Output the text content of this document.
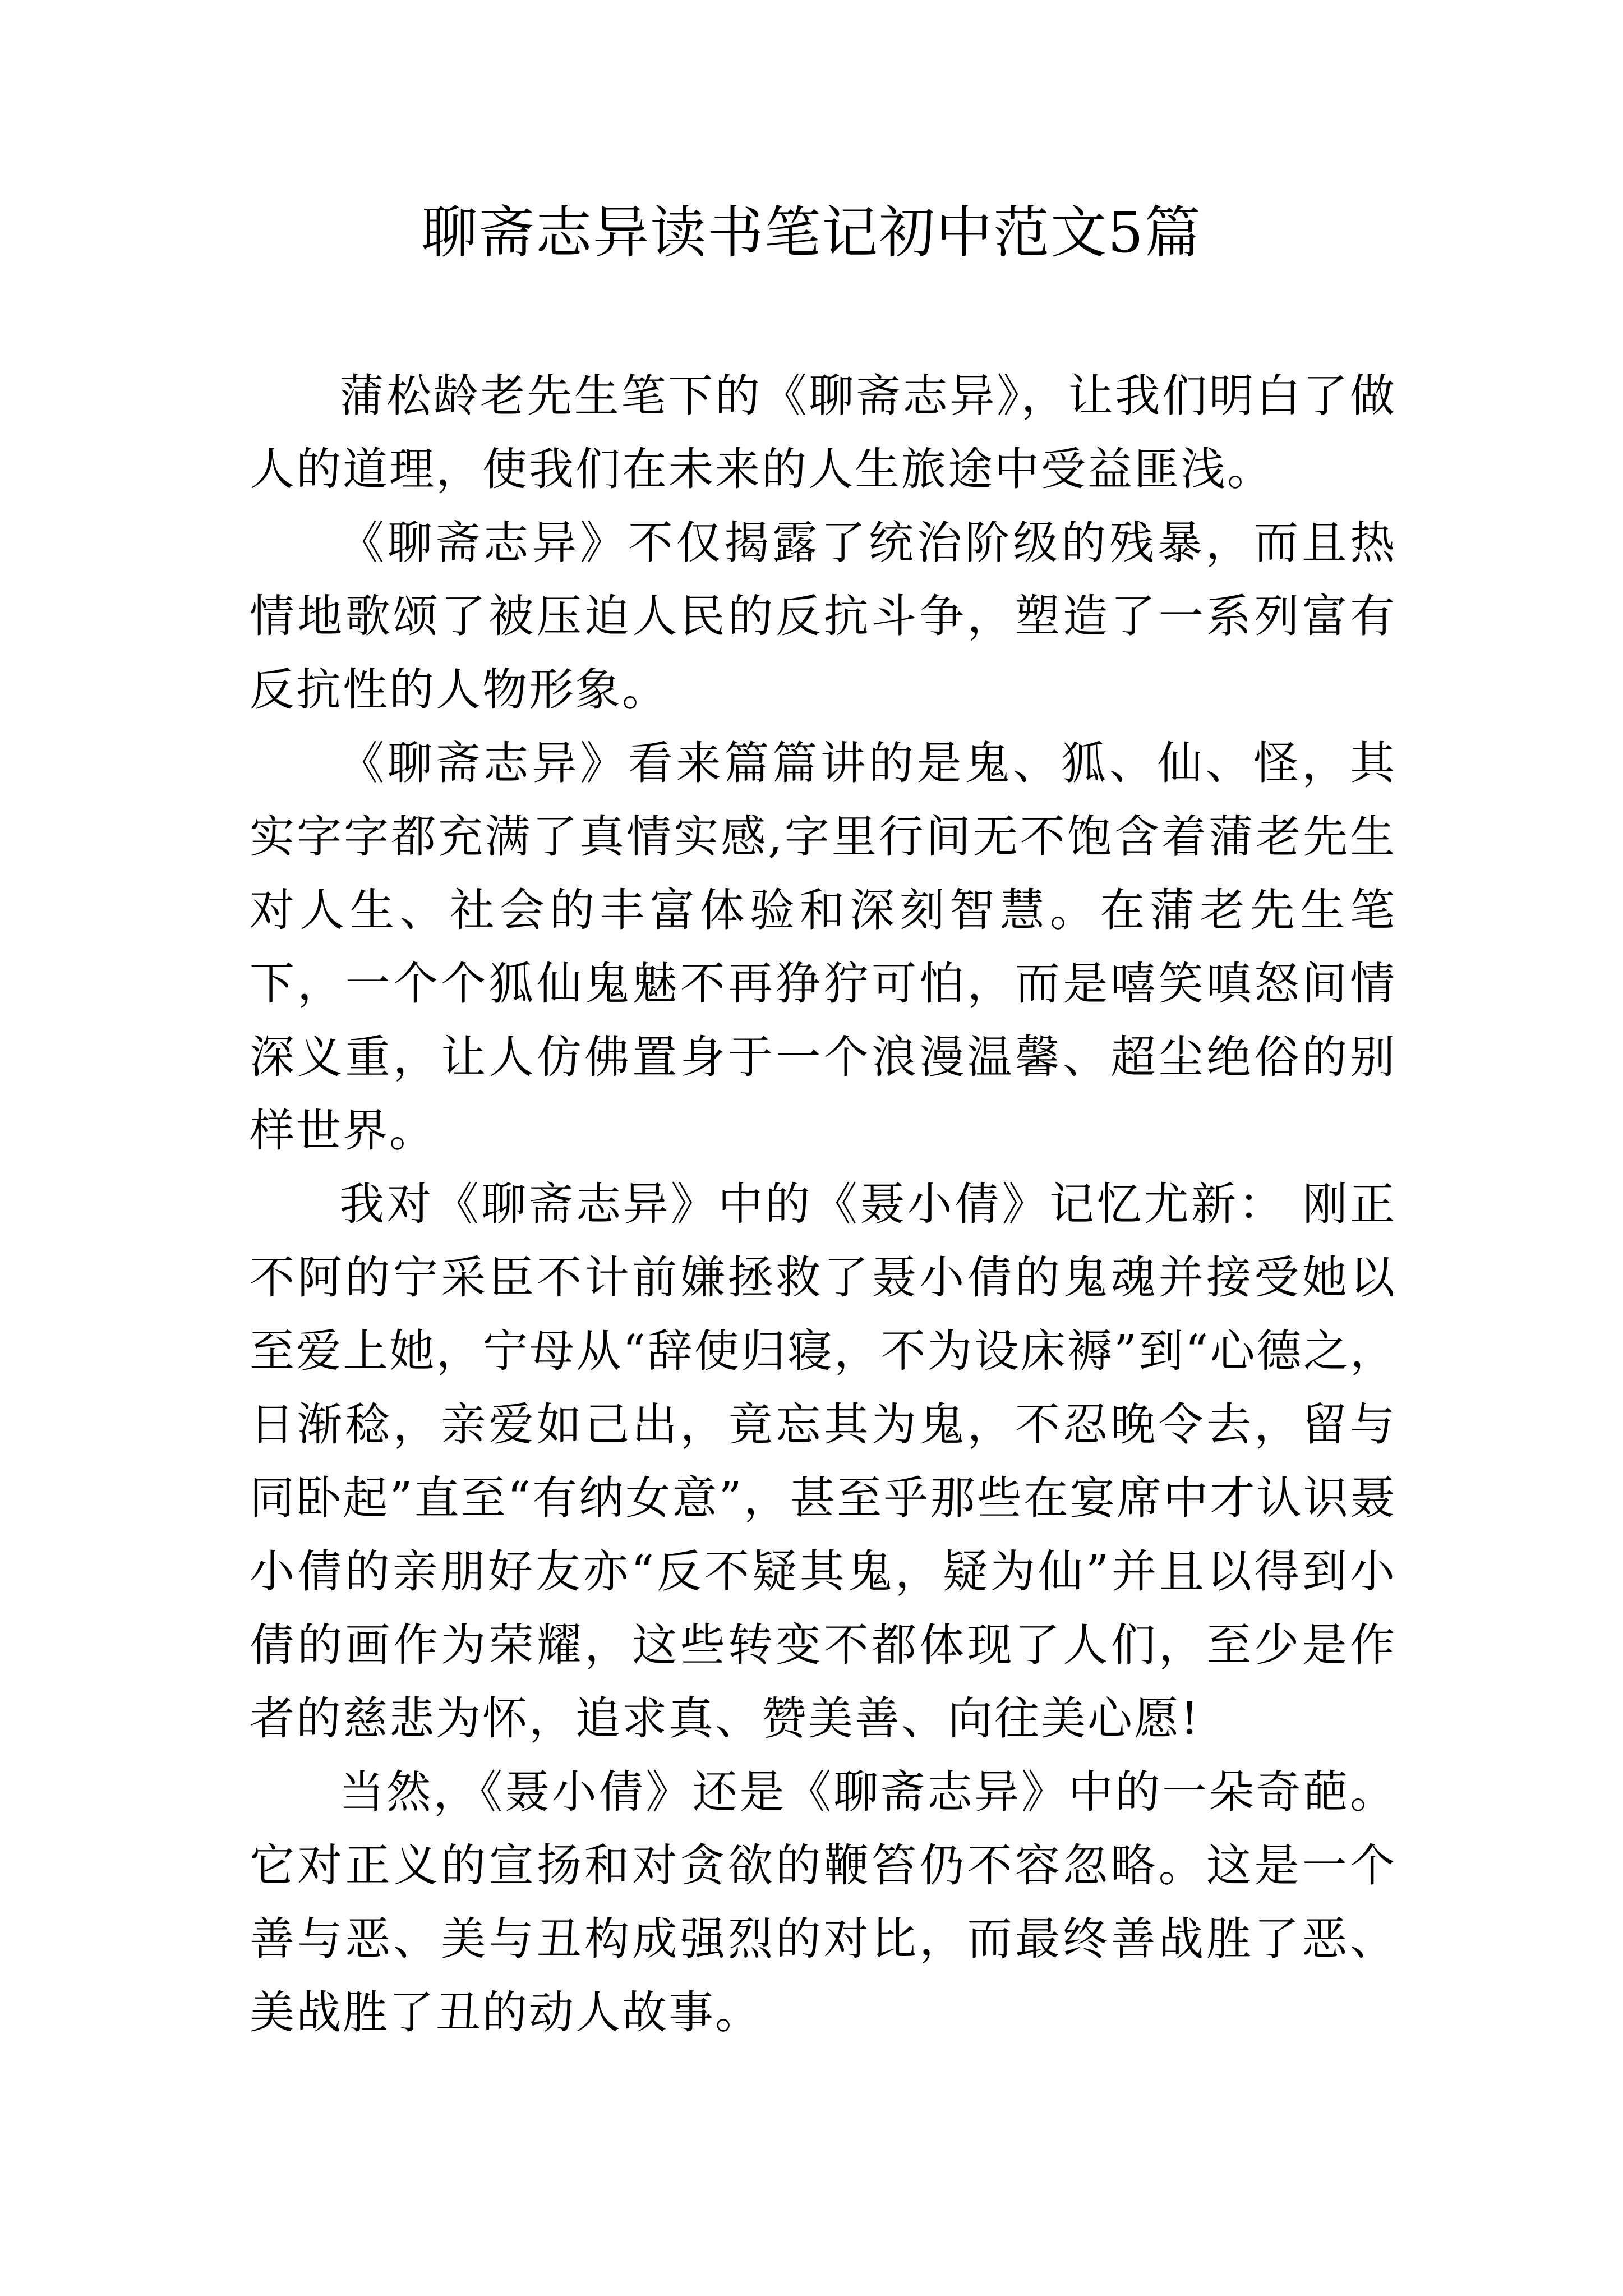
聊斋志异读书笔记初中范文5篇

蒲松龄老先生笔下的《聊斋志异》，让我们明白了做人的道理，使我们在未来的人生旅途中受益匪浅。

《聊斋志异》不仅揭露了统治阶级的残暴，而且热情地歌颂了被压迫人民的反抗斗争，塑造了一系列富有反抗性的人物形象。

《聊斋志异》看来篇篇讲的是鬼、狐、仙、怪，其实字字都充满了真情实感,字里行间无不饱含着蒲老先生对人生、社会的丰富体验和深刻智慧。在蒲老先生笔下，一个个狐仙鬼魅不再狰狞可怕，而是嘻笑嗔怒间情深义重，让人仿佛置身于一个浪漫温馨、超尘绝俗的别样世界。

我对《聊斋志异》中的《聂小倩》记忆尤新： 刚正不阿的宁采臣不计前嫌拯救了聂小倩的鬼魂并接受她以至爱上她，宁母从“辞使归寝，不为设床褥”到“心德之，日渐稔，亲爱如己出，竟忘其为鬼，不忍晚令去，留与同卧起”直至“有纳女意”，甚至乎那些在宴席中才认识聂小倩的亲朋好友亦“反不疑其鬼，疑为仙”并且以得到小倩的画作为荣耀，这些转变不都体现了人们，至少是作者的慈悲为怀，追求真、赞美善、向往美心愿!

当然，《聂小倩》还是《聊斋志异》中的一朵奇葩。它对正义的宣扬和对贪欲的鞭笞仍不容忽略。这是一个善与恶、美与丑构成强烈的对比，而最终善战胜了恶、美战胜了丑的动人故事。
